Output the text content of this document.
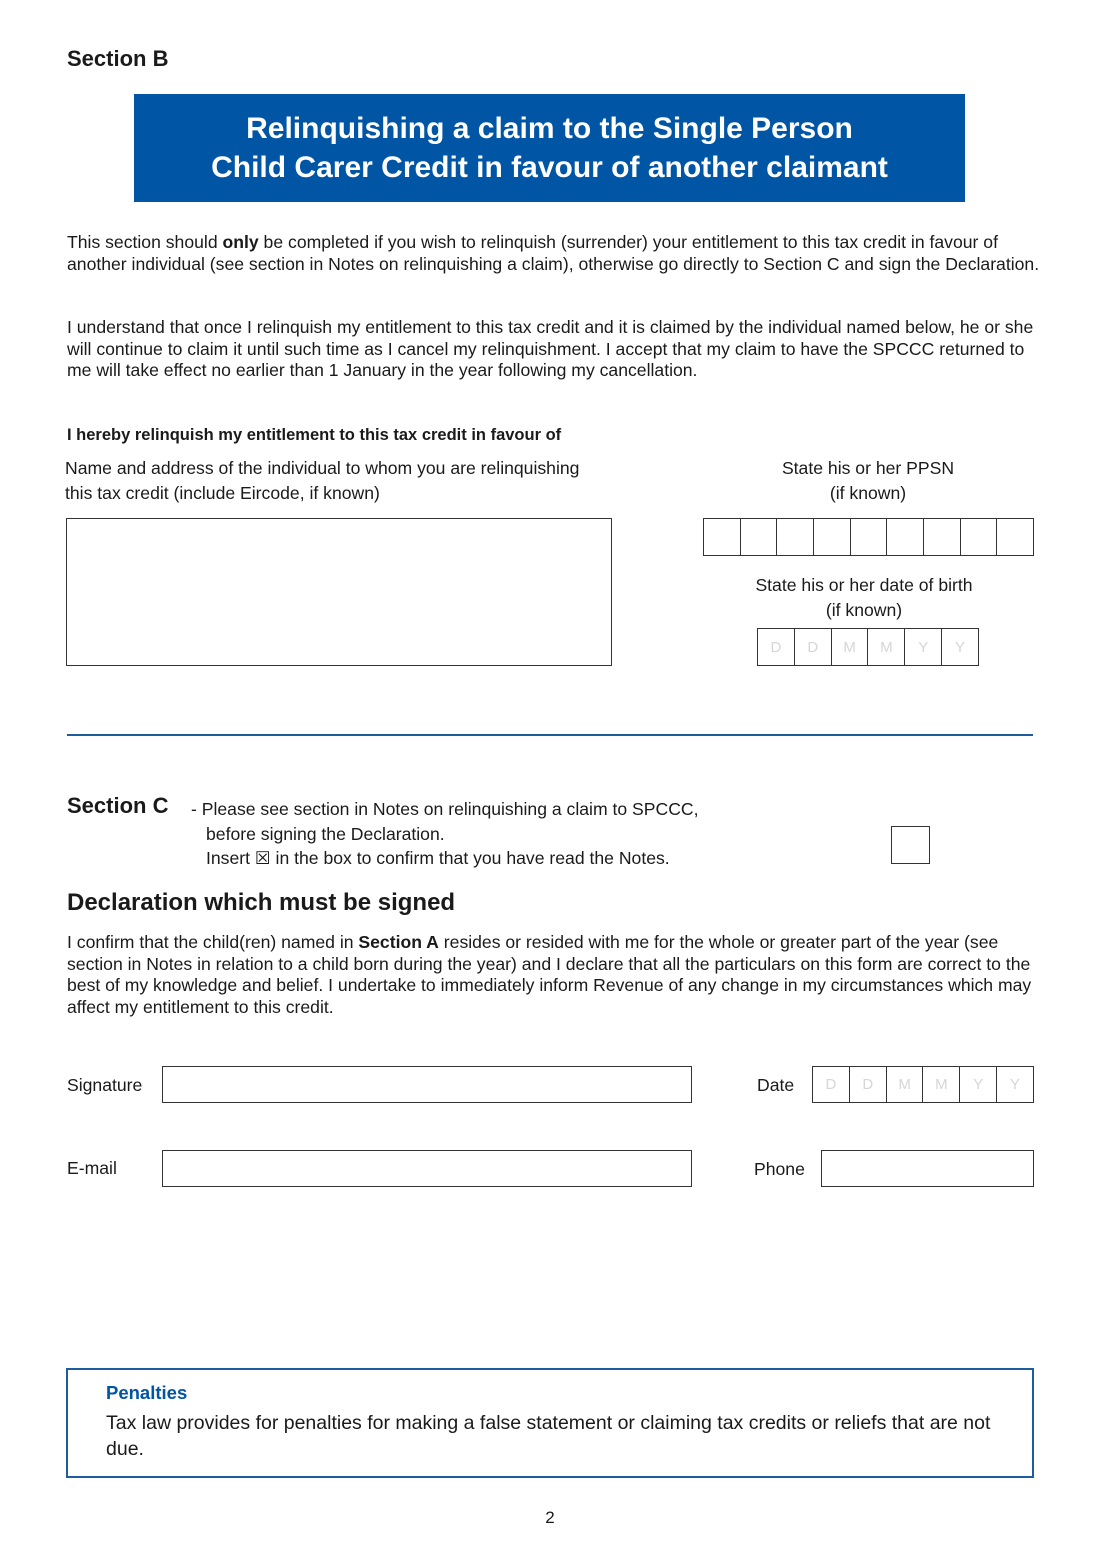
Section B
Relinquishing a claim to the Single Person
Child Carer Credit in favour of another claimant
This section should only be completed if you wish to relinquish (surrender) your entitlement to this tax credit in favour of another individual (see section in Notes on relinquishing a claim), otherwise go directly to Section C and sign the Declaration.
I understand that once I relinquish my entitlement to this tax credit and it is claimed by the individual named below, he or she will continue to claim it until such time as I cancel my relinquishment. I accept that my claim to have the SPCCC returned to me will take effect no earlier than 1 January in the year following my cancellation.
I hereby relinquish my entitlement to this tax credit in favour of
Name and address of the individual to whom you are relinquishing
this tax credit (include Eircode, if known)
State his or her PPSN
(if known)
State his or her date of birth
(if known)
D	D	M	M	Y	Y
Section C - Please see section in Notes on relinquishing a claim to SPCCC,
before signing the Declaration.
Insert ☒ in the box to confirm that you have read the Notes.
Declaration which must be signed
I confirm that the child(ren) named in Section A resides or resided with me for the whole or greater part of the year (see section in Notes in relation to a child born during the year) and I declare that all the particulars on this form are correct to the best of my knowledge and belief. I undertake to immediately inform Revenue of any change in my circumstances which may affect my entitlement to this credit.
Signature	Date	D	D	M	M	Y	Y
E-mail	Phone
Penalties
Tax law provides for penalties for making a false statement or claiming tax credits or reliefs that are not due.
2
